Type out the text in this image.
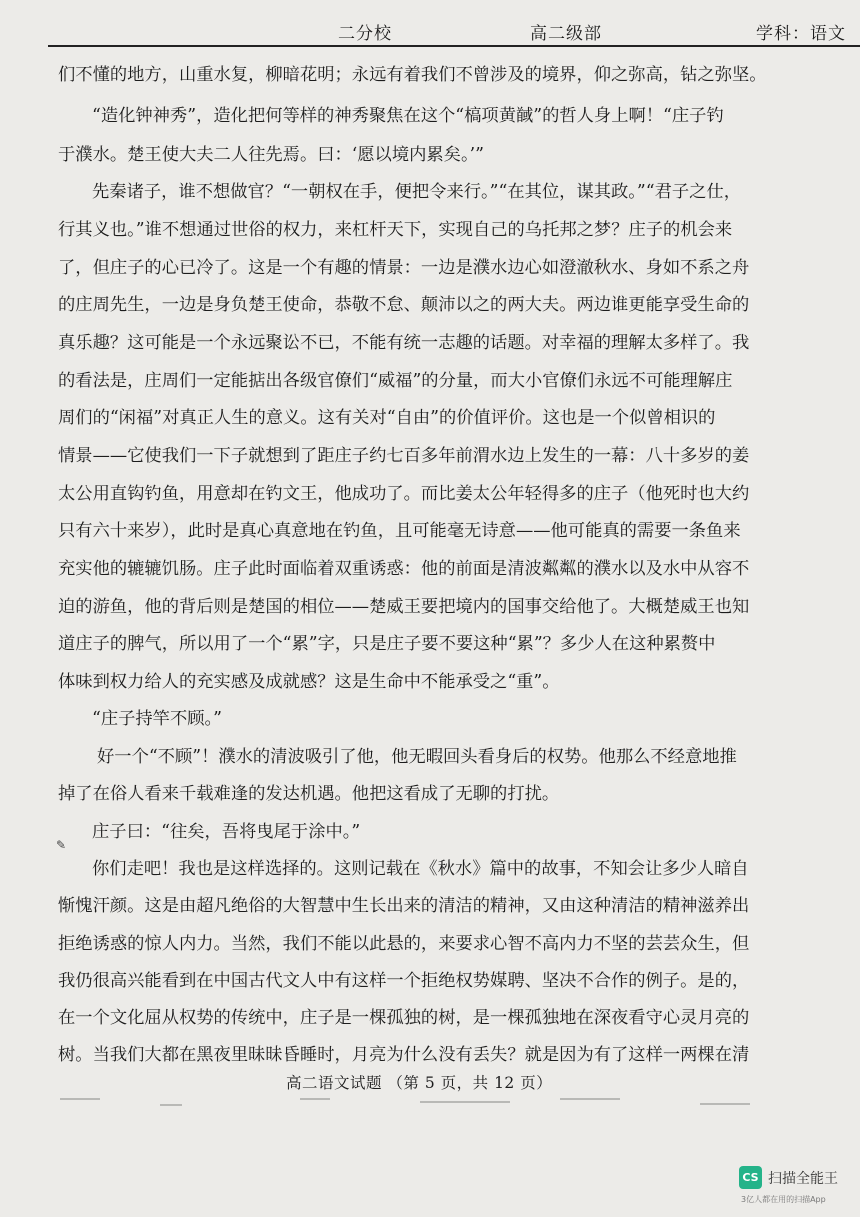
二分校	高二级部	学科：语文
们不懂的地方，山重水复，柳暗花明；永远有着我们不曾涉及的境界，仰之弥高，钻之弥坚。
“造化钟神秀”，造化把何等样的神秀聚焦在这个“槁项黄馘”的哲人身上啊！“庄子钓
于濮水。楚王使大夫二人往先焉。曰：‘愿以境内累矣。’”
先秦诸子，谁不想做官？“一朝权在手，便把令来行。”“在其位，谋其政。”“君子之仕，
行其义也。”谁不想通过世俗的权力，来杠杆天下，实现自己的乌托邦之梦？庄子的机会来
了，但庄子的心已冷了。这是一个有趣的情景：一边是濮水边心如澄澈秋水、身如不系之舟
的庄周先生，一边是身负楚王使命，恭敬不怠、颠沛以之的两大夫。两边谁更能享受生命的
真乐趣？这可能是一个永远聚讼不已，不能有统一志趣的话题。对幸福的理解太多样了。我
的看法是，庄周们一定能掂出各级官僚们“威福”的分量，而大小官僚们永远不可能理解庄
周们的“闲福”对真正人生的意义。这有关对“自由”的价值评价。这也是一个似曾相识的
情景——它使我们一下子就想到了距庄子约七百多年前渭水边上发生的一幕：八十多岁的姜
太公用直钩钓鱼，用意却在钓文王，他成功了。而比姜太公年轻得多的庄子（他死时也大约
只有六十来岁），此时是真心真意地在钓鱼，且可能毫无诗意——他可能真的需要一条鱼来
充实他的辘辘饥肠。庄子此时面临着双重诱惑：他的前面是清波粼粼的濮水以及水中从容不
迫的游鱼，他的背后则是楚国的相位——楚威王要把境内的国事交给他了。大概楚威王也知
道庄子的脾气，所以用了一个“累”字，只是庄子要不要这种“累”？多少人在这种累赘中
体味到权力给人的充实感及成就感？这是生命中不能承受之“重”。
“庄子持竿不顾。”
好一个“不顾”！濮水的清波吸引了他，他无暇回头看身后的权势。他那么不经意地推
掉了在俗人看来千载难逢的发达机遇。他把这看成了无聊的打扰。
庄子曰：“往矣，吾将曳尾于涂中。”
你们走吧！我也是这样选择的。这则记载在《秋水》篇中的故事，不知会让多少人暗自
惭愧汗颜。这是由超凡绝俗的大智慧中生长出来的清洁的精神，又由这种清洁的精神滋养出
拒绝诱惑的惊人内力。当然，我们不能以此悬的，来要求心智不高内力不坚的芸芸众生，但
我仍很高兴能看到在中国古代文人中有这样一个拒绝权势媒聘、坚决不合作的例子。是的，
在一个文化屈从权势的传统中，庄子是一棵孤独的树，是一棵孤独地在深夜看守心灵月亮的
树。当我们大都在黑夜里昧昧昏睡时，月亮为什么没有丢失？就是因为有了这样一两棵在清
✎
高二语文试题 （第 5 页，共 12 页）
CS 扫描全能王
3亿人都在用的扫描App
